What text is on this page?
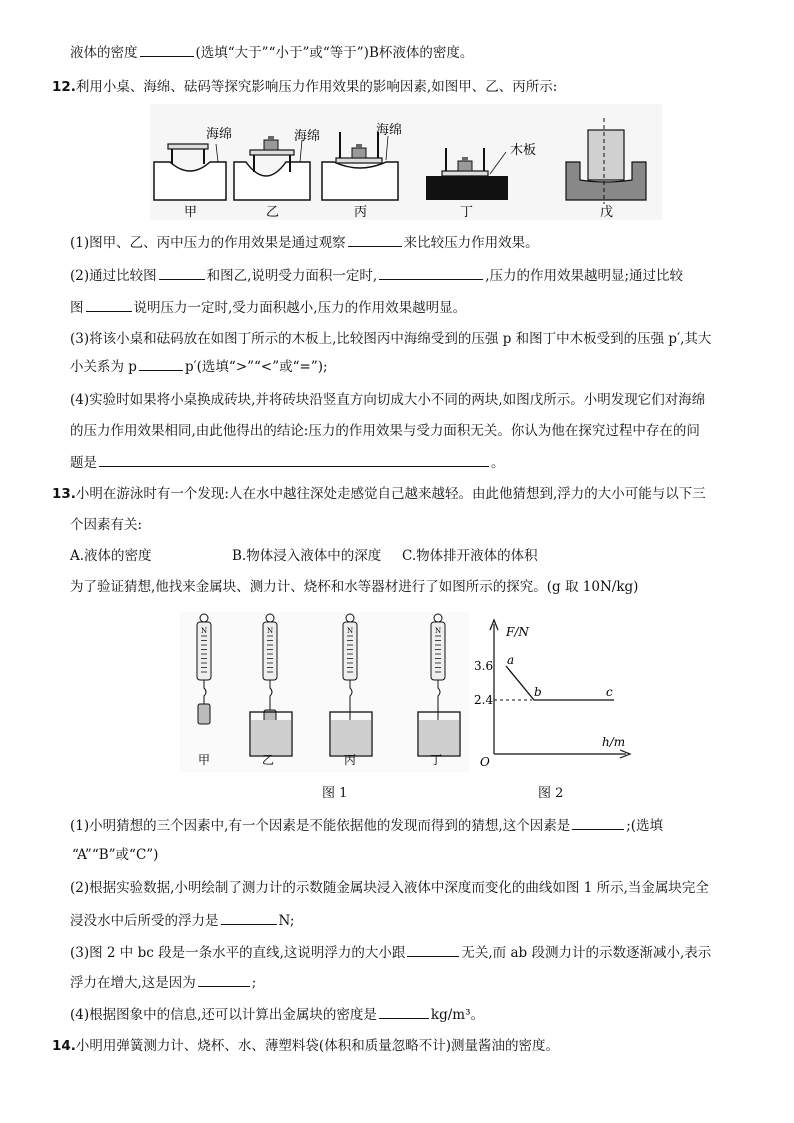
液体的密度	(选填“大于”“小于”或“等于”)B杯液体的密度。
12.利用小桌、海绵、砝码等探究影响压力作用效果的影响因素,如图甲、乙、丙所示:
海绵	海绵	海绵
木板
甲	乙	丙	丁	戊
(1)图甲、乙、丙中压力的作用效果是通过观察	来比较压力作用效果。
(2)通过比较图	和图乙,说明受力面积一定时,	,压力的作用效果越明显;通过比较
图	说明压力一定时,受力面积越小,压力的作用效果越明显。
(3)将该小桌和砝码放在如图丁所示的木板上,比较图丙中海绵受到的压强 p 和图丁中木板受到的压强 p′,其大
小关系为 p	p′(选填“>”“<”或“=”);
(4)实验时如果将小桌换成砖块,并将砖块沿竖直方向切成大小不同的两块,如图戊所示。小明发现它们对海绵
的压力作用效果相同,由此他得出的结论:压力的作用效果与受力面积无关。你认为他在探究过程中存在的问
题是	。
13.小明在游泳时有一个发现:人在水中越往深处走感觉自己越来越轻。由此他猜想到,浮力的大小可能与以下三
个因素有关:
A.液体的密度	B.物体浸入液体中的深度 C.物体排开液体的体积
为了验证猜想,他找来金属块、测力计、烧杯和水等器材进行了如图所示的探究。(g 取 10N/kg)
N	N	N	N
甲	乙	丙	丁
图 1
F/N
h/m
O
3.6
2.4
a
b	c
图 2
(1)小明猜想的三个因素中,有一个因素是不能依据他的发现而得到的猜想,这个因素是	;(选填
“A”“B”或“C”)
(2)根据实验数据,小明绘制了测力计的示数随金属块浸入液体中深度而变化的曲线如图 1 所示,当金属块完全
浸没水中后所受的浮力是	N;
(3)图 2 中 bc 段是一条水平的直线,这说明浮力的大小跟	无关,而 ab 段测力计的示数逐渐减小,表示
浮力在增大,这是因为	;
(4)根据图象中的信息,还可以计算出金属块的密度是	kg/m³。
14.小明用弹簧测力计、烧杯、水、薄塑料袋(体积和质量忽略不计)测量酱油的密度。
